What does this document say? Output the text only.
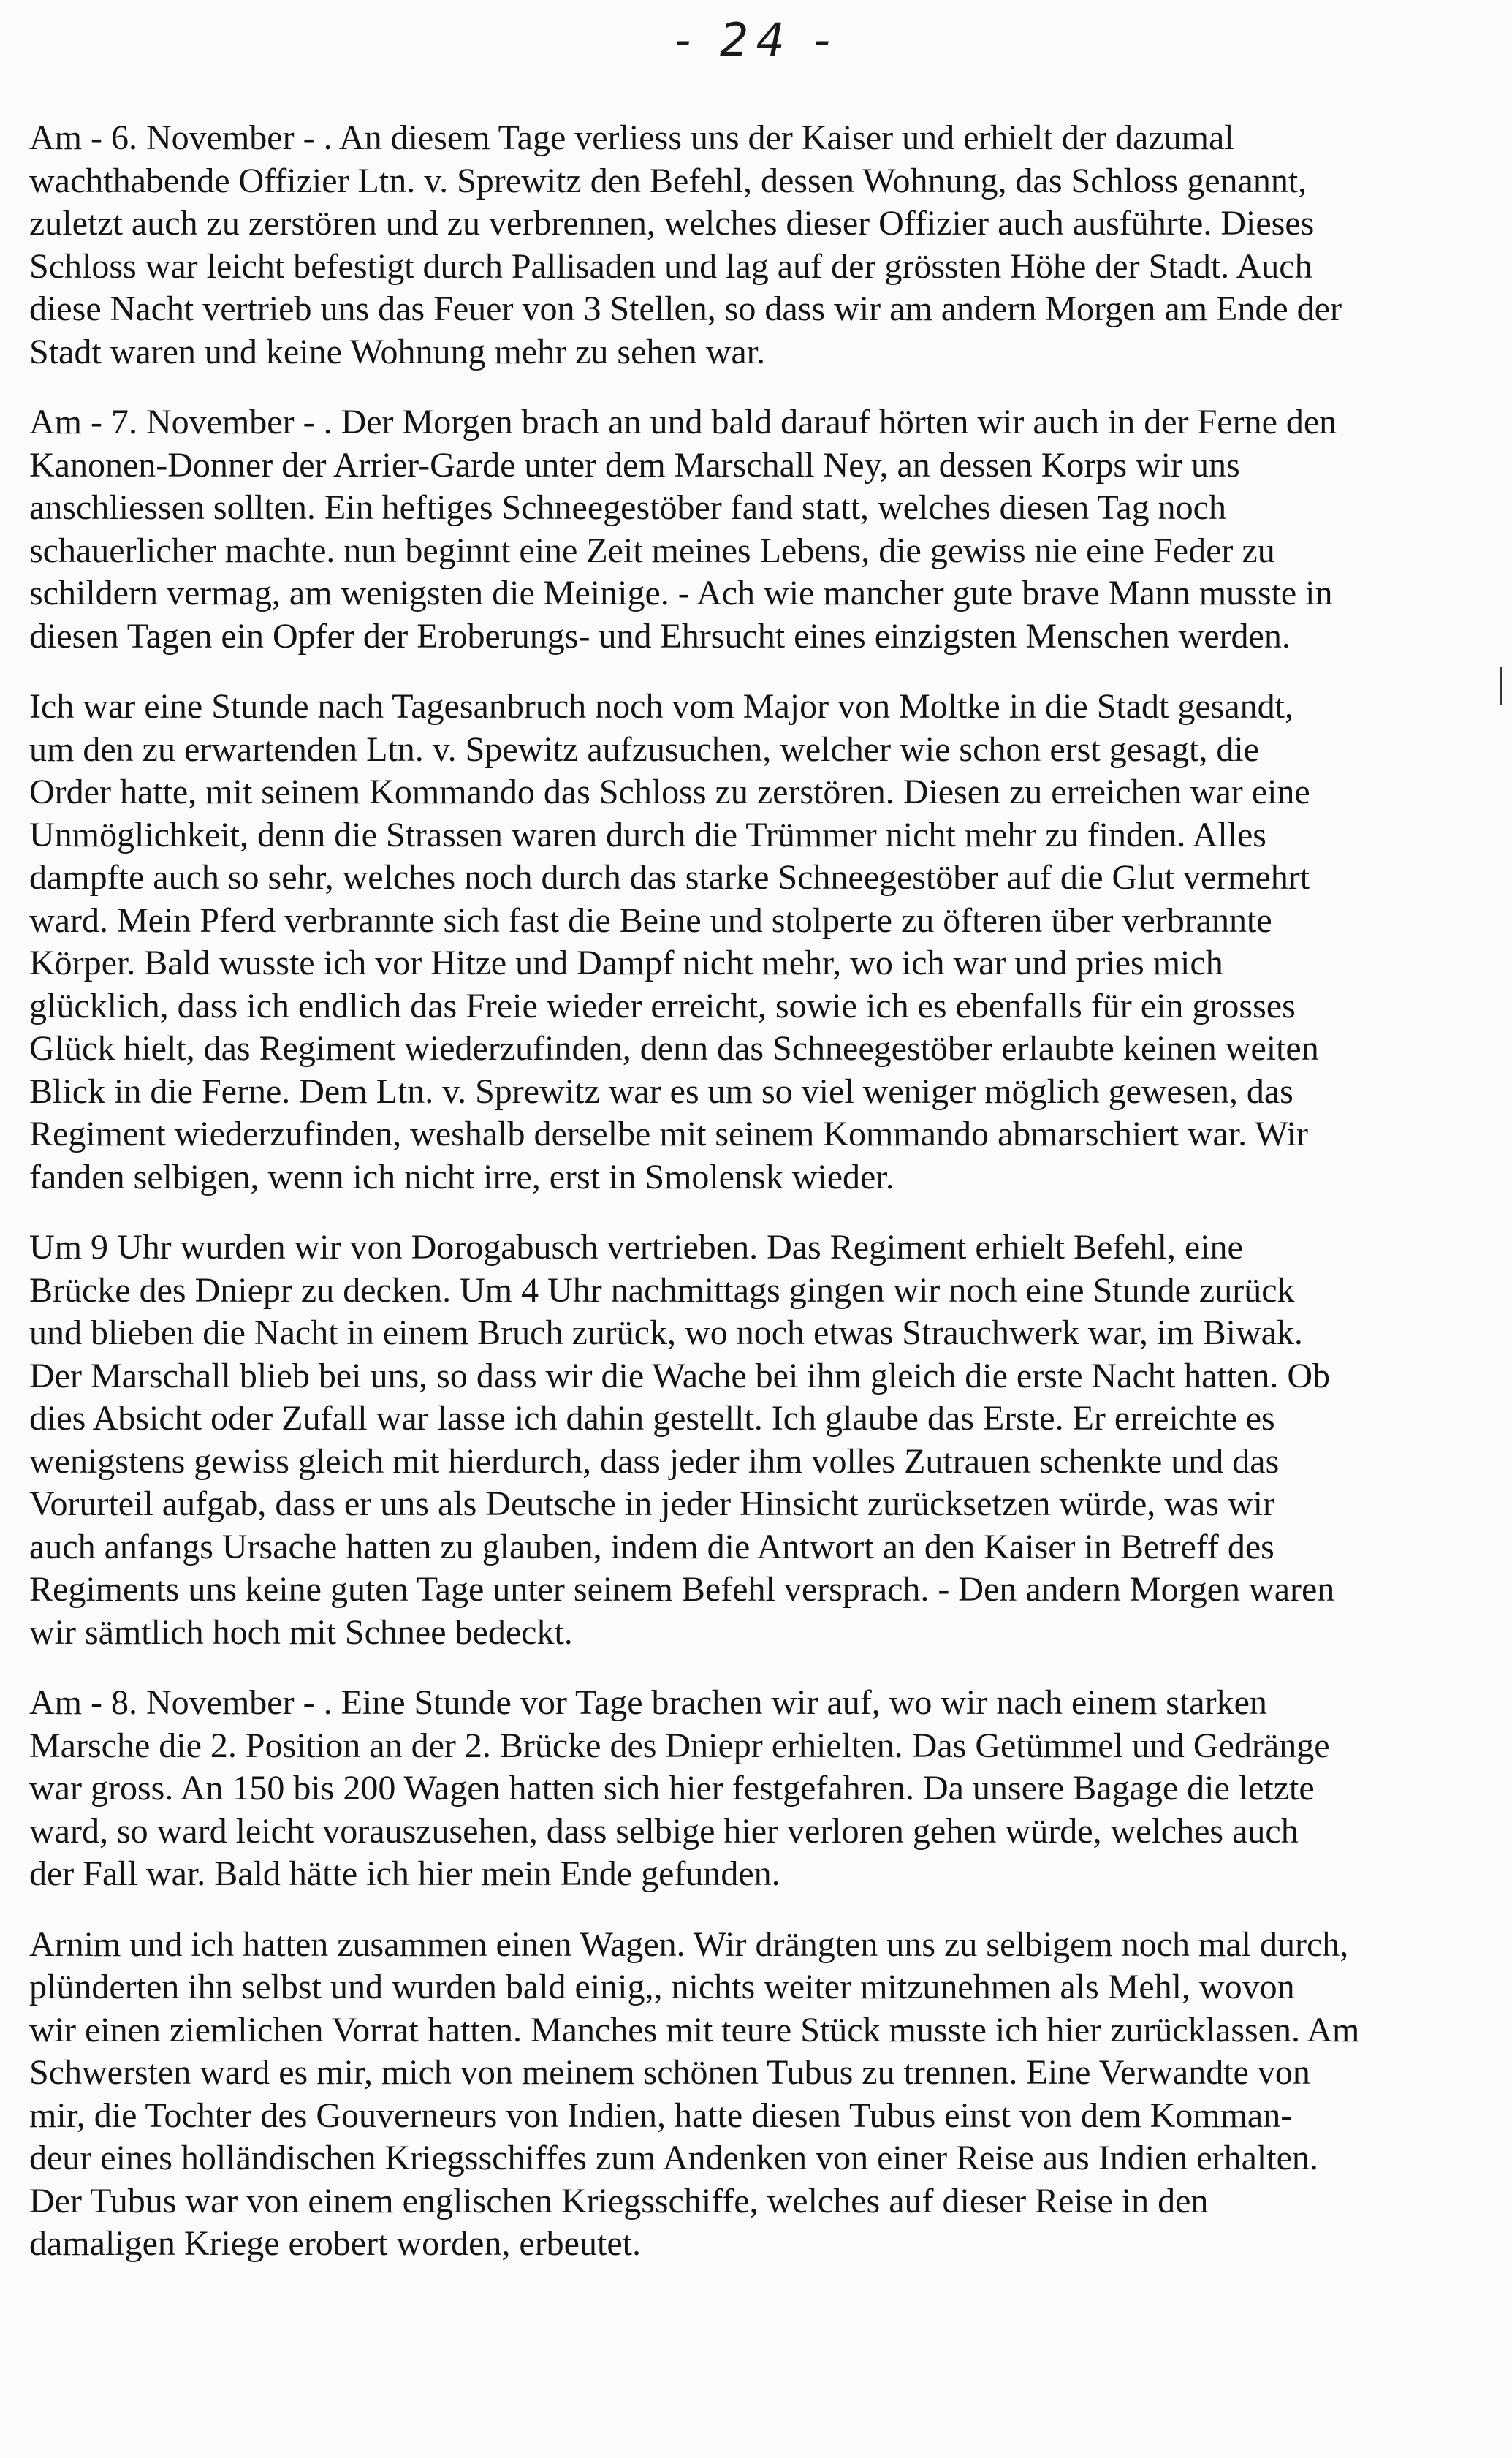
- 24 -
Am - 6. November - . An diesem Tage verliess uns der Kaiser und erhielt der dazumal
wachthabende Offizier Ltn. v. Sprewitz den Befehl, dessen Wohnung, das Schloss genannt,
zuletzt auch zu zerstören und zu verbrennen, welches dieser Offizier auch ausführte. Dieses
Schloss war leicht befestigt durch Pallisaden und lag auf der grössten Höhe der Stadt. Auch
diese Nacht vertrieb uns das Feuer von 3 Stellen, so dass wir am andern Morgen am Ende der
Stadt waren und keine Wohnung mehr zu sehen war.
Am - 7. November - . Der Morgen brach an und bald darauf hörten wir auch in der Ferne den
Kanonen-Donner der Arrier-Garde unter dem Marschall Ney, an dessen Korps wir uns
anschliessen sollten. Ein heftiges Schneegestöber fand statt, welches diesen Tag noch
schauerlicher machte. nun beginnt eine Zeit meines Lebens, die gewiss nie eine Feder zu
schildern vermag, am wenigsten die Meinige. - Ach wie mancher gute brave Mann musste in
diesen Tagen ein Opfer der Eroberungs- und Ehrsucht eines einzigsten Menschen werden.
Ich war eine Stunde nach Tagesanbruch noch vom Major von Moltke in die Stadt gesandt,
um den zu erwartenden Ltn. v. Spewitz aufzusuchen, welcher wie schon erst gesagt, die
Order hatte, mit seinem Kommando das Schloss zu zerstören. Diesen zu erreichen war eine
Unmöglichkeit, denn die Strassen waren durch die Trümmer nicht mehr zu finden. Alles
dampfte auch so sehr, welches noch durch das starke Schneegestöber auf die Glut vermehrt
ward. Mein Pferd verbrannte sich fast die Beine und stolperte zu öfteren über verbrannte
Körper. Bald wusste ich vor Hitze und Dampf nicht mehr, wo ich war und pries mich
glücklich, dass ich endlich das Freie wieder erreicht, sowie ich es ebenfalls für ein grosses
Glück hielt, das Regiment wiederzufinden, denn das Schneegestöber erlaubte keinen weiten
Blick in die Ferne. Dem Ltn. v. Sprewitz war es um so viel weniger möglich gewesen, das
Regiment wiederzufinden, weshalb derselbe mit seinem Kommando abmarschiert war. Wir
fanden selbigen, wenn ich nicht irre, erst in Smolensk wieder.
Um 9 Uhr wurden wir von Dorogabusch vertrieben. Das Regiment erhielt Befehl, eine
Brücke des Dniepr zu decken. Um 4 Uhr nachmittags gingen wir noch eine Stunde zurück
und blieben die Nacht in einem Bruch zurück, wo noch etwas Strauchwerk war, im Biwak.
Der Marschall blieb bei uns, so dass wir die Wache bei ihm gleich die erste Nacht hatten. Ob
dies Absicht oder Zufall war lasse ich dahin gestellt. Ich glaube das Erste. Er erreichte es
wenigstens gewiss gleich mit hierdurch, dass jeder ihm volles Zutrauen schenkte und das
Vorurteil aufgab, dass er uns als Deutsche in jeder Hinsicht zurücksetzen würde, was wir
auch anfangs Ursache hatten zu glauben, indem die Antwort an den Kaiser in Betreff des
Regiments uns keine guten Tage unter seinem Befehl versprach. - Den andern Morgen waren
wir sämtlich hoch mit Schnee bedeckt.
Am - 8. November - . Eine Stunde vor Tage brachen wir auf, wo wir nach einem starken
Marsche die 2. Position an der 2. Brücke des Dniepr erhielten. Das Getümmel und Gedränge
war gross. An 150 bis 200 Wagen hatten sich hier festgefahren. Da unsere Bagage die letzte
ward, so ward leicht vorauszusehen, dass selbige hier verloren gehen würde, welches auch
der Fall war. Bald hätte ich hier mein Ende gefunden.
Arnim und ich hatten zusammen einen Wagen. Wir drängten uns zu selbigem noch mal durch,
plünderten ihn selbst und wurden bald einig,, nichts weiter mitzunehmen als Mehl, wovon
wir einen ziemlichen Vorrat hatten. Manches mit teure Stück musste ich hier zurücklassen. Am
Schwersten ward es mir, mich von meinem schönen Tubus zu trennen. Eine Verwandte von
mir, die Tochter des Gouverneurs von Indien, hatte diesen Tubus einst von dem Komman-
deur eines holländischen Kriegsschiffes zum Andenken von einer Reise aus Indien erhalten.
Der Tubus war von einem englischen Kriegsschiffe, welches auf dieser Reise in den
damaligen Kriege erobert worden, erbeutet.
